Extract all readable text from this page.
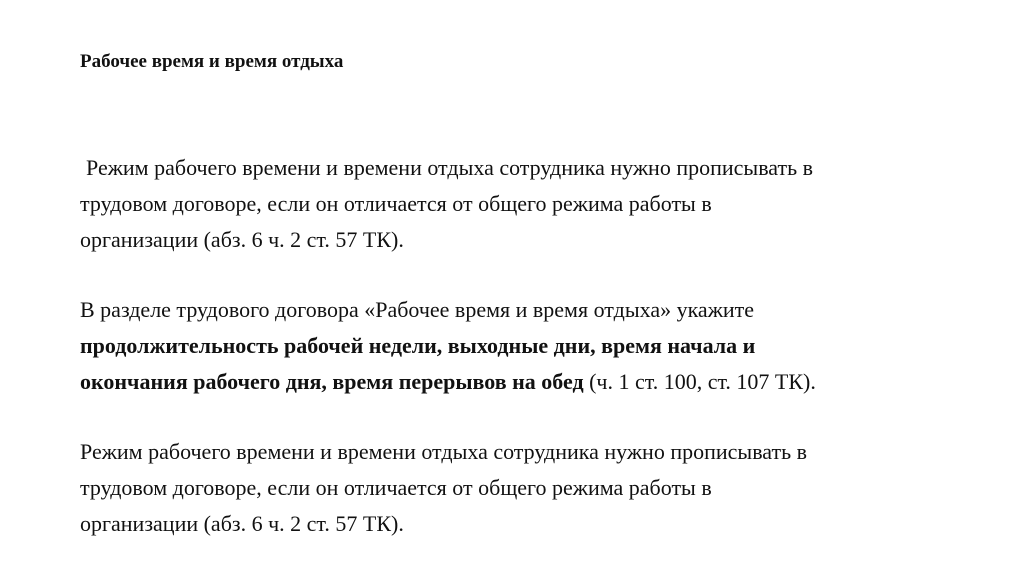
Рабочее время и время отдыха

Режим рабочего времени и времени отдыха сотрудника нужно прописывать в
трудовом договоре, если он отличается от общего режима работы в
организации (абз. 6 ч. 2 ст. 57 ТК).

В разделе трудового договора «Рабочее время и время отдыха» укажите
продолжительность рабочей недели, выходные дни, время начала и
окончания рабочего дня, время перерывов на обед (ч. 1 ст. 100, ст. 107 ТК).

Режим рабочего времени и времени отдыха сотрудника нужно прописывать в
трудовом договоре, если он отличается от общего режима работы в
организации (абз. 6 ч. 2 ст. 57 ТК).
